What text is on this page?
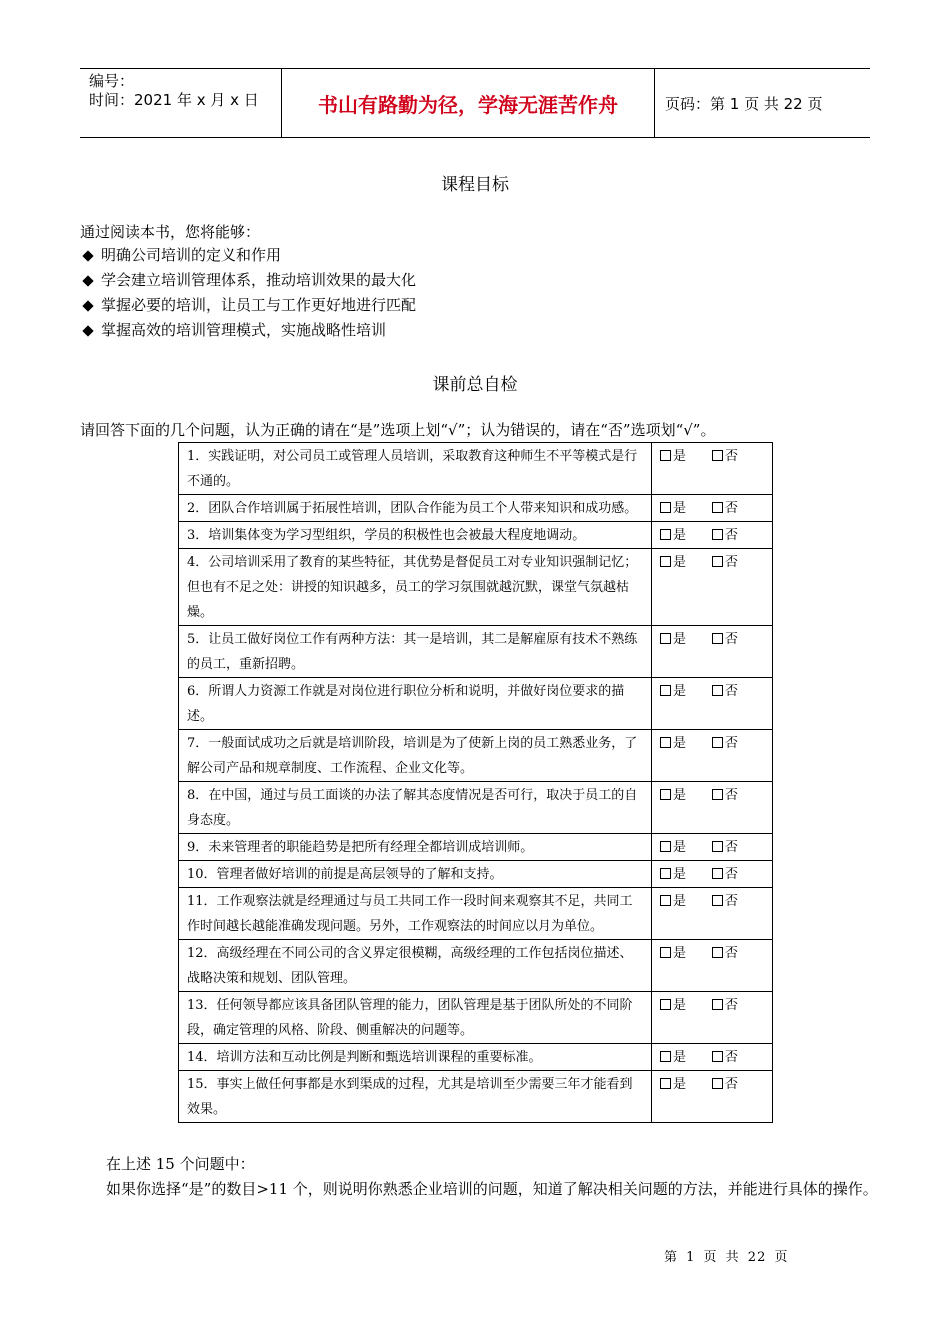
编号：
时间：2021 年 x 月 x 日	书山有路勤为径，学海无涯苦作舟	页码：第 1 页 共 22 页
课程目标
通过阅读本书，您将能够：
明确公司培训的定义和作用
学会建立培训管理体系，推动培训效果的最大化
掌握必要的培训，让员工与工作更好地进行匹配
掌握高效的培训管理模式，实施战略性培训
课前总自检
请回答下面的几个问题，认为正确的请在“是”选项上划“√”；认为错误的，请在“否”选项划“√”。
1．实践证明，对公司员工或管理人员培训，采取教育这种师生不平等模式是行不通的。	是 否
2．团队合作培训属于拓展性培训，团队合作能为员工个人带来知识和成功感。	是 否
3．培训集体变为学习型组织，学员的积极性也会被最大程度地调动。	是 否
4．公司培训采用了教育的某些特征，其优势是督促员工对专业知识强制记忆；但也有不足之处：讲授的知识越多，员工的学习氛围就越沉默，课堂气氛越枯燥。	是 否
5．让员工做好岗位工作有两种方法：其一是培训，其二是解雇原有技术不熟练的员工，重新招聘。	是 否
6．所谓人力资源工作就是对岗位进行职位分析和说明，并做好岗位要求的描述。	是 否
7．一般面试成功之后就是培训阶段，培训是为了使新上岗的员工熟悉业务，了解公司产品和规章制度、工作流程、企业文化等。	是 否
8．在中国，通过与员工面谈的办法了解其态度情况是否可行，取决于员工的自身态度。	是 否
9．未来管理者的职能趋势是把所有经理全都培训成培训师。	是 否
10．管理者做好培训的前提是高层领导的了解和支持。	是 否
11．工作观察法就是经理通过与员工共同工作一段时间来观察其不足，共同工作时间越长越能准确发现问题。另外，工作观察法的时间应以月为单位。	是 否
12．高级经理在不同公司的含义界定很模糊，高级经理的工作包括岗位描述、战略决策和规划、团队管理。	是 否
13．任何领导都应该具备团队管理的能力，团队管理是基于团队所处的不同阶段，确定管理的风格、阶段、侧重解决的问题等。	是 否
14．培训方法和互动比例是判断和甄选培训课程的重要标准。	是 否
15．事实上做任何事都是水到渠成的过程，尤其是培训至少需要三年才能看到效果。	是 否
在上述 15 个问题中：
如果你选择“是”的数目>11 个，则说明你熟悉企业培训的问题，知道了解决相关问题的方法，并能进行具体的操作。
第 1 页 共 22 页
